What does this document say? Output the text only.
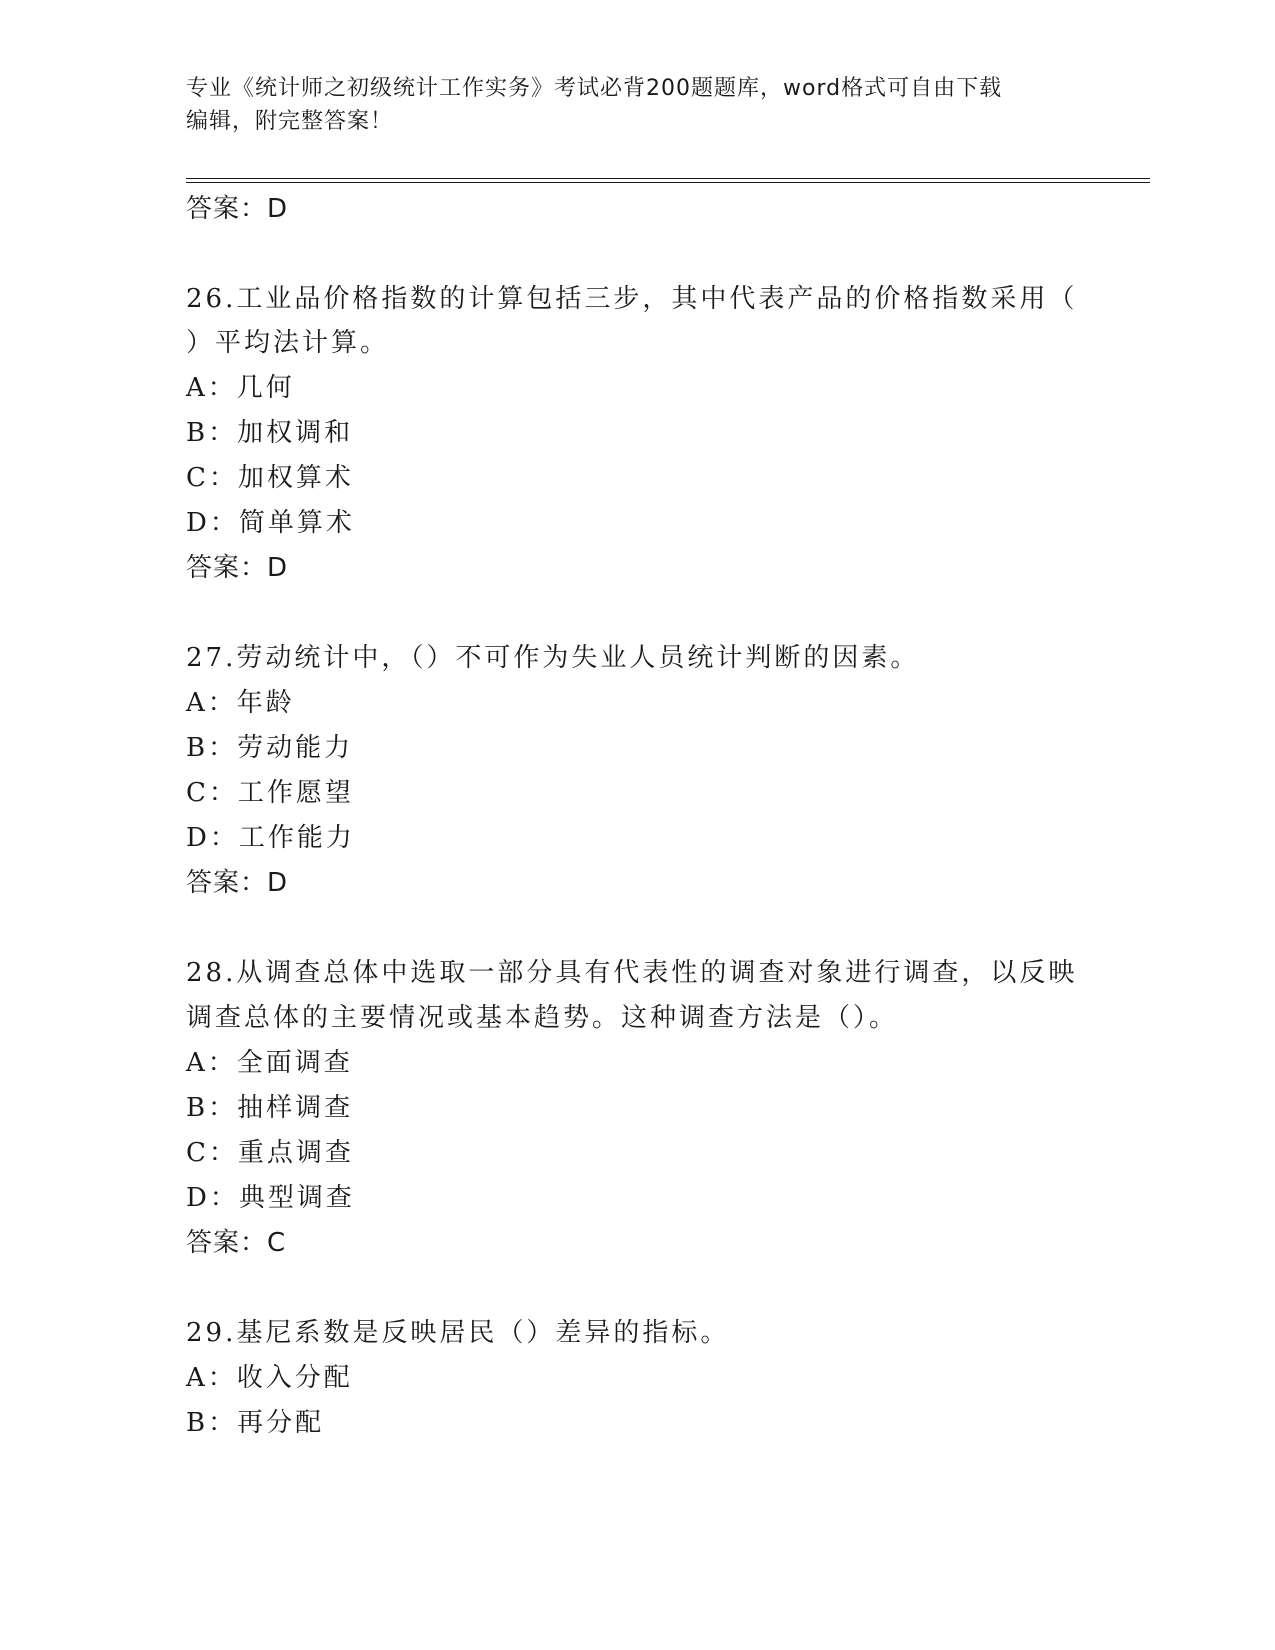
专业《统计师之初级统计工作实务》考试必背200题题库，word格式可自由下载
编辑，附完整答案！
答案：D
26.工业品价格指数的计算包括三步，其中代表产品的价格指数采用（
）平均法计算。
A：几何
B：加权调和
C：加权算术
D：简单算术
答案：D
27.劳动统计中，（）不可作为失业人员统计判断的因素。
A：年龄
B：劳动能力
C：工作愿望
D：工作能力
答案：D
28.从调查总体中选取一部分具有代表性的调查对象进行调查，以反映
调查总体的主要情况或基本趋势。这种调查方法是（）。
A：全面调查
B：抽样调查
C：重点调查
D：典型调查
答案：C
29.基尼系数是反映居民（）差异的指标。
A：收入分配
B：再分配
